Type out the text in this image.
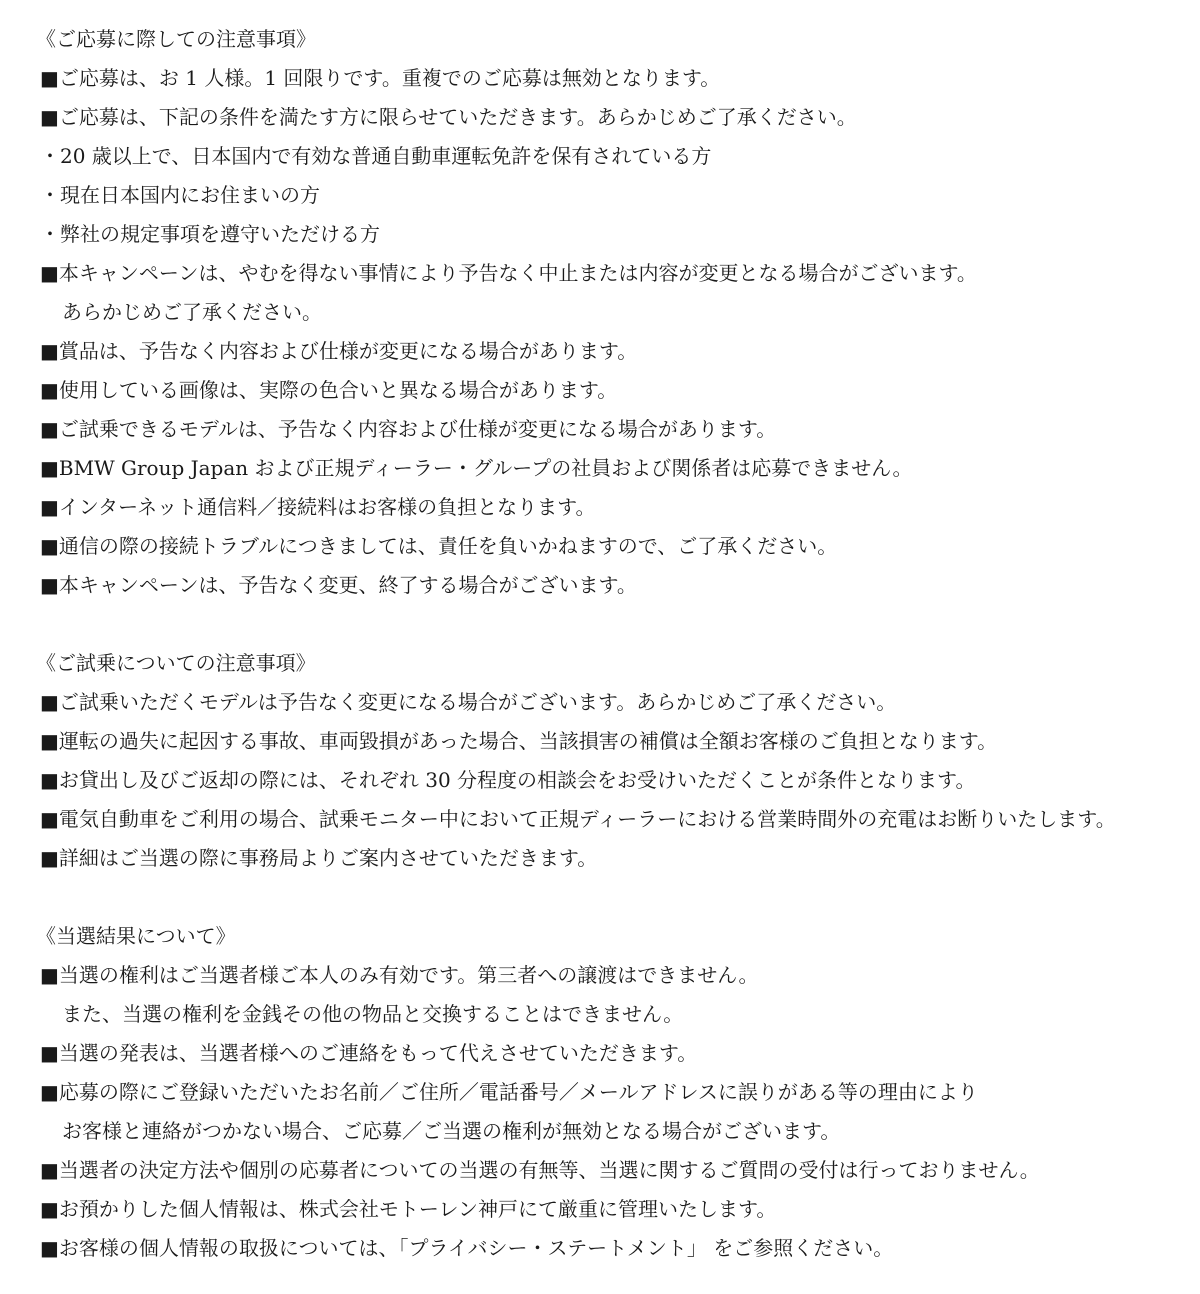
《ご応募に際しての注意事項》
■ご応募は、お 1 人様。1 回限りです。重複でのご応募は無効となります。
■ご応募は、下記の条件を満たす方に限らせていただきます。あらかじめご了承ください。
・20 歳以上で、日本国内で有効な普通自動車運転免許を保有されている方
・現在日本国内にお住まいの方
・弊社の規定事項を遵守いただける方
■本キャンペーンは、やむを得ない事情により予告なく中止または内容が変更となる場合がございます。
あらかじめご了承ください。
■賞品は、予告なく内容および仕様が変更になる場合があります。
■使用している画像は、実際の色合いと異なる場合があります。
■ご試乗できるモデルは、予告なく内容および仕様が変更になる場合があります。
■BMW Group Japan および正規ディーラー・グループの社員および関係者は応募できません。
■インターネット通信料／接続料はお客様の負担となります。
■通信の際の接続トラブルにつきましては、責任を負いかねますので、ご了承ください。
■本キャンペーンは、予告なく変更、終了する場合がございます。
《ご試乗についての注意事項》
■ご試乗いただくモデルは予告なく変更になる場合がございます。あらかじめご了承ください。
■運転の過失に起因する事故、車両毀損があった場合、当該損害の補償は全額お客様のご負担となります。
■お貸出し及びご返却の際には、それぞれ 30 分程度の相談会をお受けいただくことが条件となります。
■電気自動車をご利用の場合、試乗モニター中において正規ディーラーにおける営業時間外の充電はお断りいたします。
■詳細はご当選の際に事務局よりご案内させていただきます。
《当選結果について》
■当選の権利はご当選者様ご本人のみ有効です。第三者への譲渡はできません。
また、当選の権利を金銭その他の物品と交換することはできません。
■当選の発表は、当選者様へのご連絡をもって代えさせていただきます。
■応募の際にご登録いただいたお名前／ご住所／電話番号／メールアドレスに誤りがある等の理由により
お客様と連絡がつかない場合、ご応募／ご当選の権利が無効となる場合がございます。
■当選者の決定方法や個別の応募者についての当選の有無等、当選に関するご質問の受付は行っておりません。
■お預かりした個人情報は、株式会社モトーレン神戸にて厳重に管理いたします。
■お客様の個人情報の取扱については、「プライバシー・ステートメント」 をご参照ください。
